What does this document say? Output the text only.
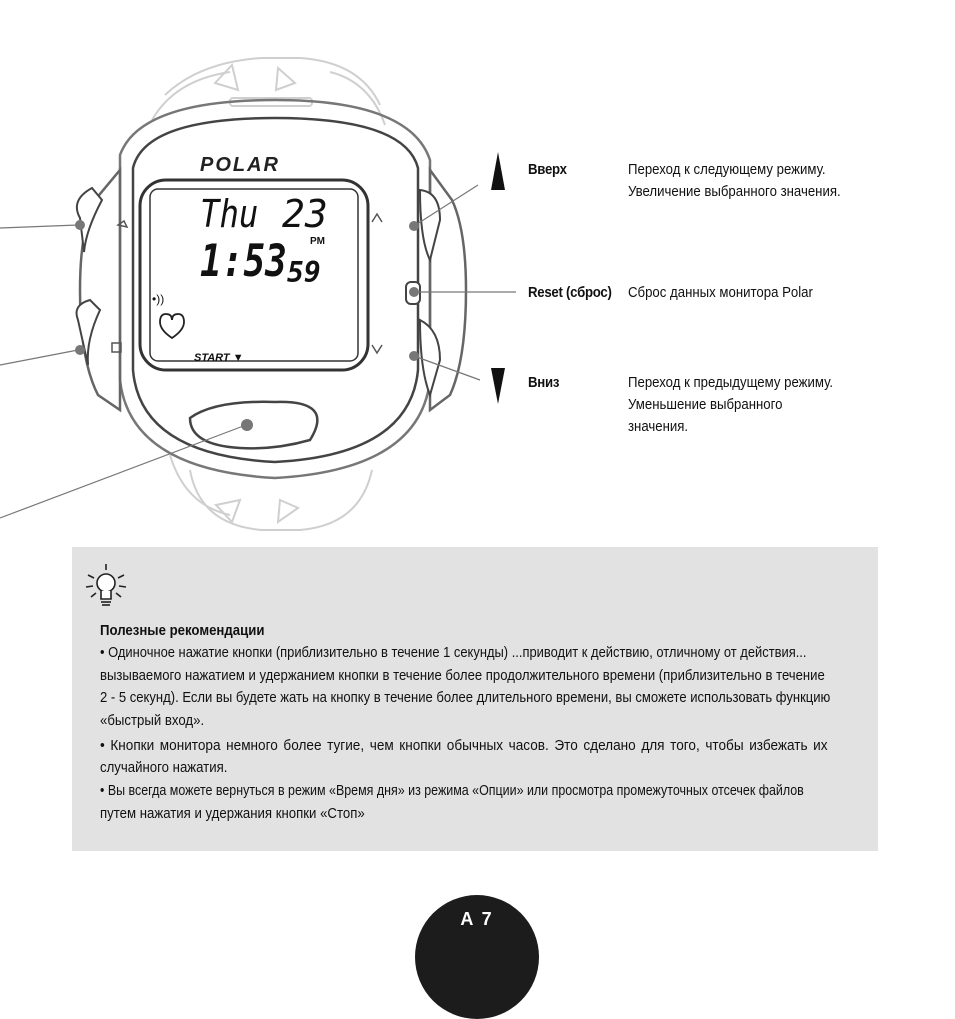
POLAR
Thu 23
PM
1:53 59
•))
START ▼
Вверх	Переход к следующему режиму.
Увеличение выбранного значения.
Reset (сброс) Сброс данных монитора Polar
Вниз	Переход к предыдущему режиму.
Уменьшение выбранного
значения.
Полезные рекомендации
• Одиночное нажатие кнопки (приблизительно в течение 1 секунды) ...приводит к действию, отличному от действия...
вызываемого нажатием и удержанием кнопки в течение более продолжительного времени (приблизительно в течение
2 - 5 секунд). Если вы будете жать на кнопку в течение более длительного времени, вы сможете использовать функцию
«быстрый вход».
• Кнопки монитора немного более тугие, чем кнопки обычных часов. Это сделано для того, чтобы избежать их
случайного нажатия.
• Вы всегда можете вернуться в режим «Время дня» из режима «Опции» или просмотра промежуточных отсечек файлов
путем нажатия и удержания кнопки «Стоп»
A 7
